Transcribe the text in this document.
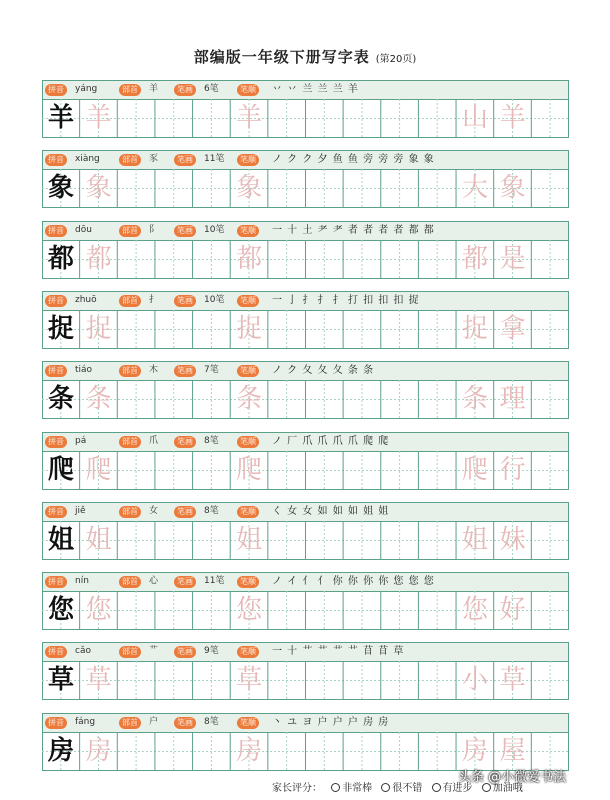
部编版一年级下册写字表 (第20页)
拼音	yáng	部首	羊	笔画	6笔	笔顺	丷 丷 兰 兰 兰 羊
羊 羊	羊	山 羊
拼音	xiàng	部首	豕	笔画	11笔	笔顺	ノ ク ク 夕 鱼 鱼 旁 旁 旁 象 象
象 象	象	大 象
拼音	dōu	部首	阝	笔画	10笔	笔顺	一 十 土 耂 耂 者 者 者 者 都 都
都 都	都	都 是
拼音	zhuō	部首	扌	笔画	10笔	笔顺	一 亅 扌 扌 扌 打 扣 扣 扣 捉
捉 捉	捉	捉 拿
拼音	tiáo	部首	木	笔画	7笔	笔顺	ノ ク 夂 夂 夂 条 条
条 条	条	条 理
拼音	pá	部首	爪	笔画	8笔	笔顺	ノ 厂 爪 爪 爪 爪 爬 爬
爬 爬	爬	爬 行
拼音	jiě	部首	女	笔画	8笔	笔顺	く 女 女 如 如 如 姐 姐
姐 姐	姐	姐 妹
拼音	nín	部首	心	笔画	11笔	笔顺	ノ イ 亻 亻 你 你 你 你 您 您 您
您 您	您	您 好
拼音	cǎo	部首	艹	笔画	9笔	笔顺	一 十 艹 艹 艹 艹 苜 苜 草
草 草	草	小 草
拼音	fáng	部首	户	笔画	8笔	笔顺	丶 ユ ヨ 户 户 户 房 房
房 房	房	房 屋
家长评分： 非常棒 很不错 有进步 加油哦
头条 @小微爱书法
